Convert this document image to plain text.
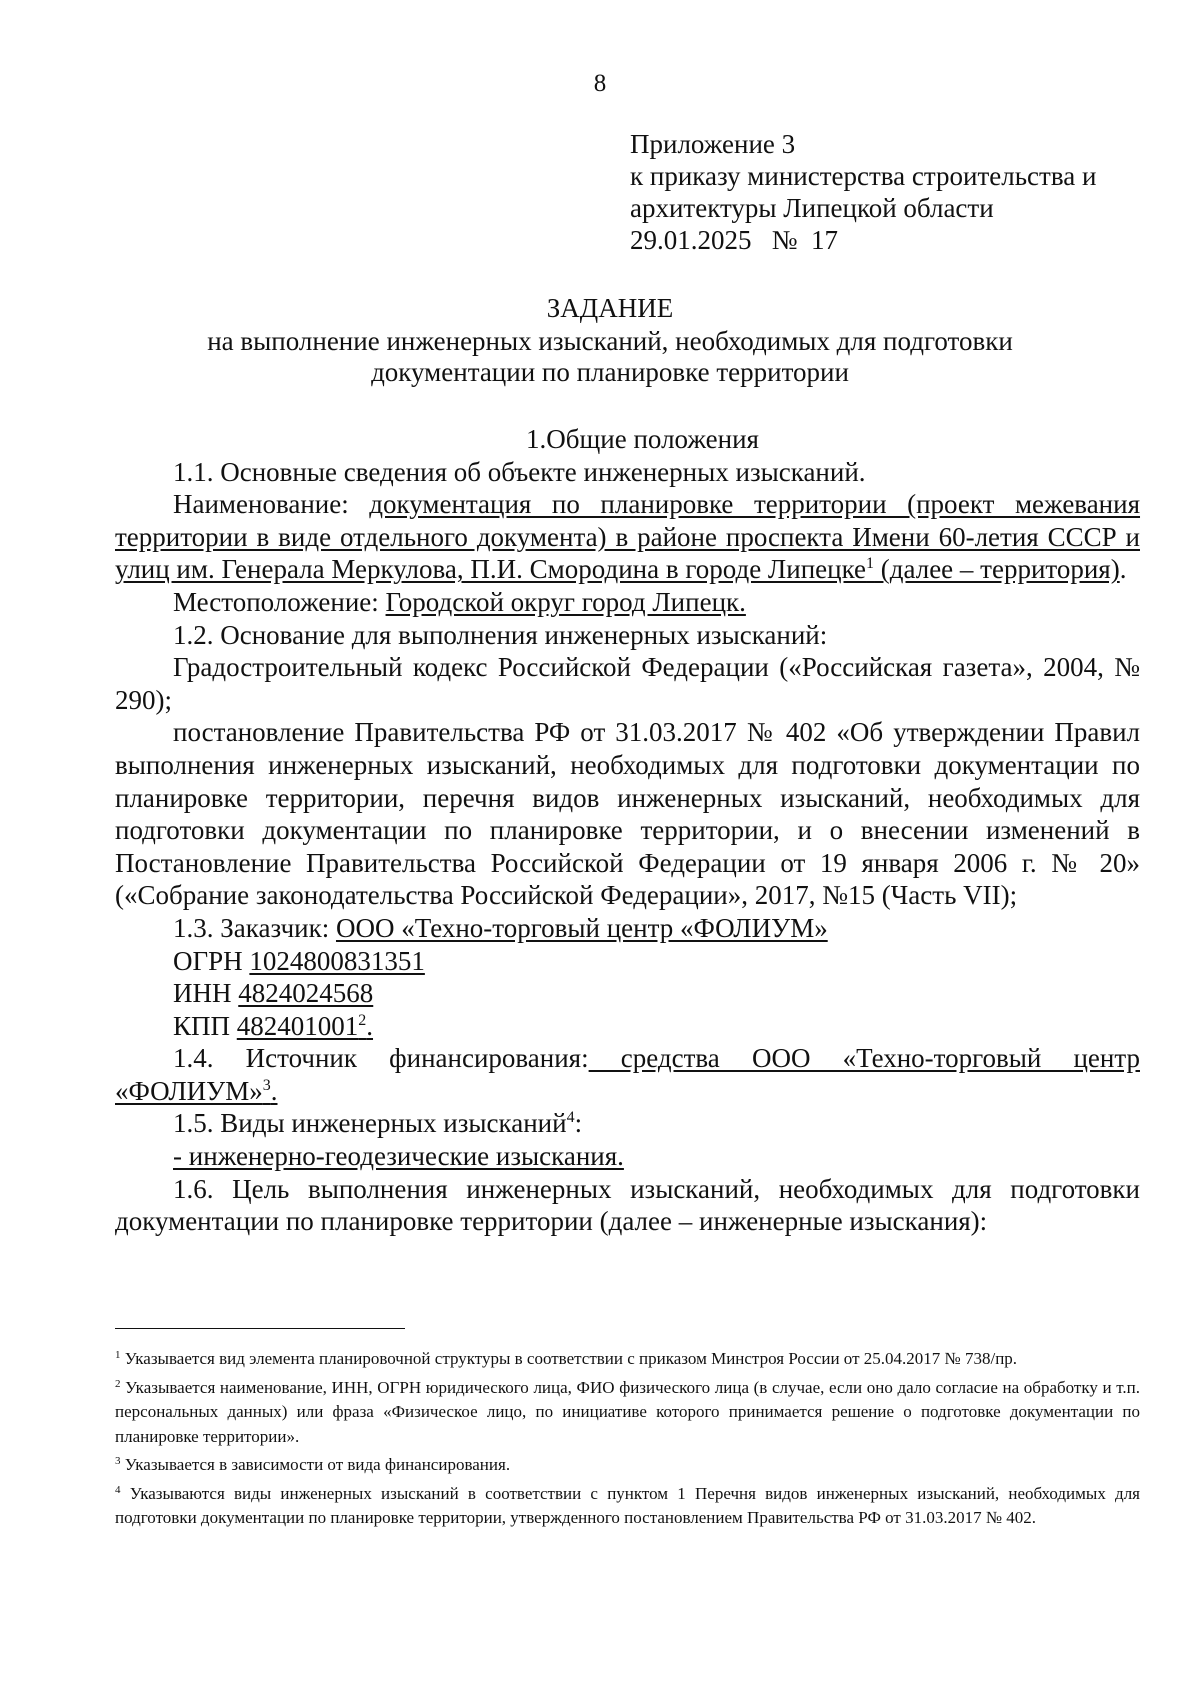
8
Приложение 3
к приказу министерства строительства и
архитектуры Липецкой области
29.01.2025   №  17
ЗАДАНИЕ
на выполнение инженерных изысканий, необходимых для подготовки
документации по планировке территории
1.Общие положения
1.1. Основные сведения об объекте инженерных изысканий.
Наименование: документация по планировке территории (проект межевания территории в виде отдельного документа) в районе проспекта Имени 60-летия СССР и улиц им. Генерала Меркулова, П.И. Смородина в городе Липецке$^1$ (далее – территория).
Местоположение: Городской округ город Липецк.
1.2. Основание для выполнения инженерных изысканий:
Градостроительный кодекс Российской Федерации («Российская газета», 2004, № 290);
постановление Правительства РФ от 31.03.2017 № 402 «Об утверждении Правил выполнения инженерных изысканий, необходимых для подготовки документации по планировке территории, перечня видов инженерных изысканий, необходимых для подготовки документации по планировке территории, и о внесении изменений в Постановление Правительства Российской Федерации от 19 января 2006 г. № 20» («Собрание законодательства Российской Федерации», 2017, №15 (Часть VII);
1.3. Заказчик: ООО «Техно-торговый центр «ФОЛИУМ»
ОГРН 1024800831351
ИНН 4824024568
КПП 482401001$^2$.
1.4. Источник финансирования: средства ООО «Техно-торговый центр «ФОЛИУМ»$^3$.
1.5. Виды инженерных изысканий$^4$:
- инженерно-геодезические изыскания.
1.6. Цель выполнения инженерных изысканий, необходимых для подготовки документации по планировке территории (далее – инженерные изыскания):
$^1$ Указывается вид элемента планировочной структуры в соответствии с приказом Минстроя России от 25.04.2017 № 738/пр.
$^2$ Указывается наименование, ИНН, ОГРН юридического лица, ФИО физического лица (в случае, если оно дало согласие на обработку и т.п. персональных данных) или фраза «Физическое лицо, по инициативе которого принимается решение о подготовке документации по планировке территории».
$^3$ Указывается в зависимости от вида финансирования.
$^4$ Указываются виды инженерных изысканий в соответствии с пунктом 1 Перечня видов инженерных изысканий, необходимых для подготовки документации по планировке территории, утвержденного постановлением Правительства РФ от 31.03.2017 № 402.
